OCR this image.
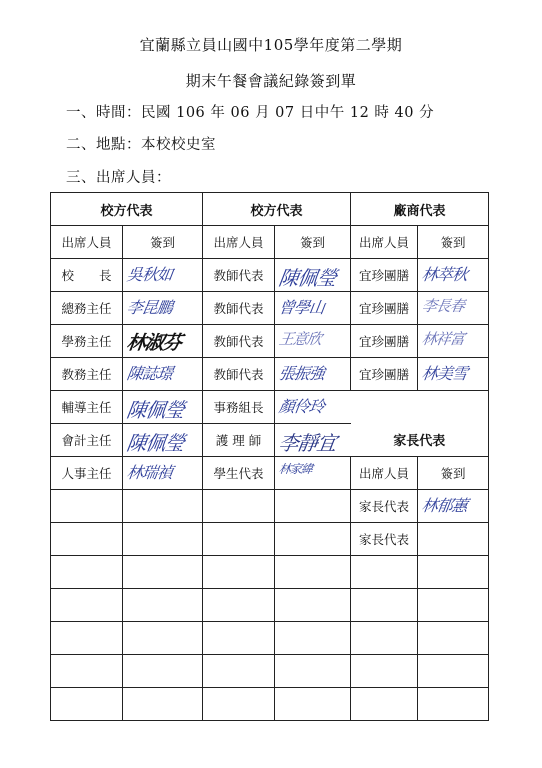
宜蘭縣立員山國中105學年度第二學期
期末午餐會議紀錄簽到單
一、時間：民國 106 年 06 月 07 日中午 12 時 40 分
二、地點：本校校史室
三、出席人員：
校方代表		校方代表		廠商代表	
出席人員	簽到	出席人員	簽到	出席人員	簽到
校　　長	吳秋如	教師代表	陳佩瑩	宜珍團膳	林萃秋

總務主任	李昆鵬	教師代表	曾學山	宜珍團膳	李長春

學務主任	林淑芬	教師代表	王意欣	宜珍團膳	林祥富

教務主任	陳誌璟	教師代表	張振強	宜珍團膳	林美雪

輔導主任	陳佩瑩	事務組長	顏伶玲		

會計主任	陳佩瑩	護 理 師	李靜宜	家長代表	
人事主任	林瑞禎	學生代表	林家緯	出席人員	簽到
				家長代表	林郁蕙

				家長代表	
